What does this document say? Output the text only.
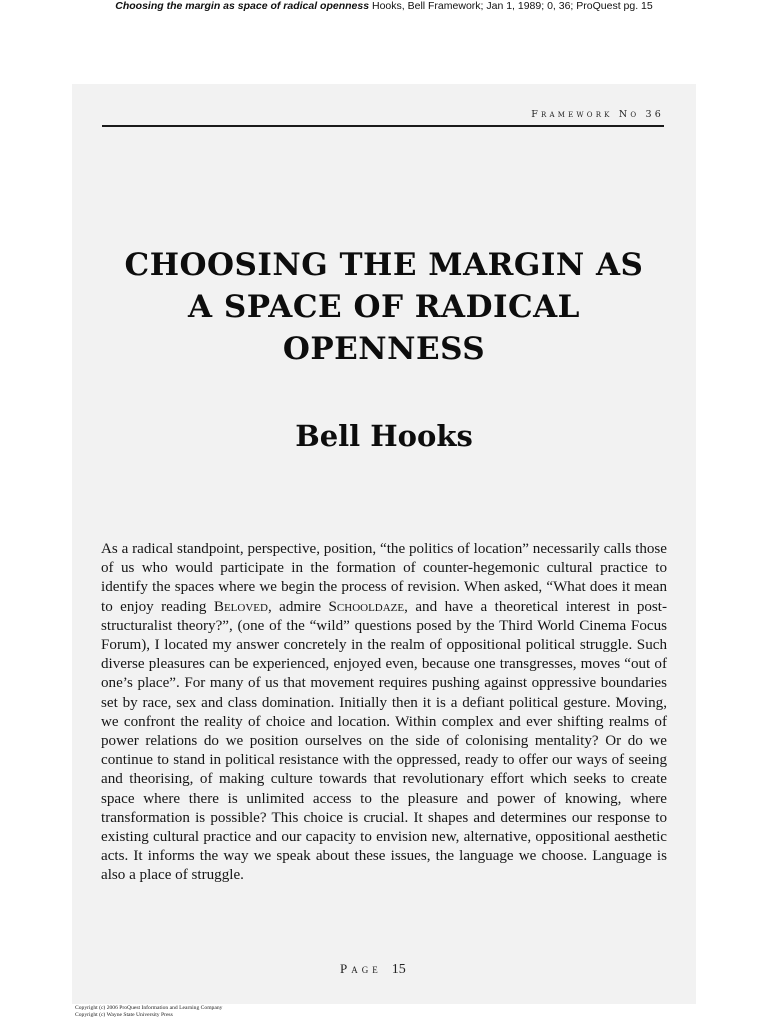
Choosing the margin as space of radical openness Hooks, Bell Framework; Jan 1, 1989; 0, 36; ProQuest pg. 15
Framework No 36
CHOOSING THE MARGIN AS
A SPACE OF RADICAL
OPENNESS
Bell Hooks
As a radical standpoint, perspective, position, “the politics of location” necessarily calls those of us who would participate in the formation of counter-hegemonic cultural practice to identify the spaces where we begin the process of revision. When asked, “What does it mean to enjoy reading Beloved, admire Schooldaze, and have a theoretical interest in post-structuralist theory?”, (one of the “wild” questions posed by the Third World Cinema Focus Forum), I located my answer concretely in the realm of oppositional political struggle. Such diverse pleasures can be experienced, enjoyed even, because one transgresses, moves “out of one’s place”. For many of us that movement requires pushing against oppressive boundaries set by race, sex and class domination. Initially then it is a defiant political gesture. Moving, we confront the reality of choice and location. Within complex and ever shifting realms of power relations do we position ourselves on the side of colonising mentality? Or do we continue to stand in political resistance with the oppressed, ready to offer our ways of seeing and theorising, of making culture towards that revolutionary effort which seeks to create space where there is unlimited access to the pleasure and power of knowing, where transformation is possible? This choice is crucial. It shapes and determines our response to existing cultural practice and our capacity to envision new, alternative, oppositional aesthetic acts. It informs the way we speak about these issues, the language we choose. Language is also a place of struggle.
Page 15
Copyright (c) 2006 ProQuest Information and Learning Company
Copyright (c) Wayne State University Press
